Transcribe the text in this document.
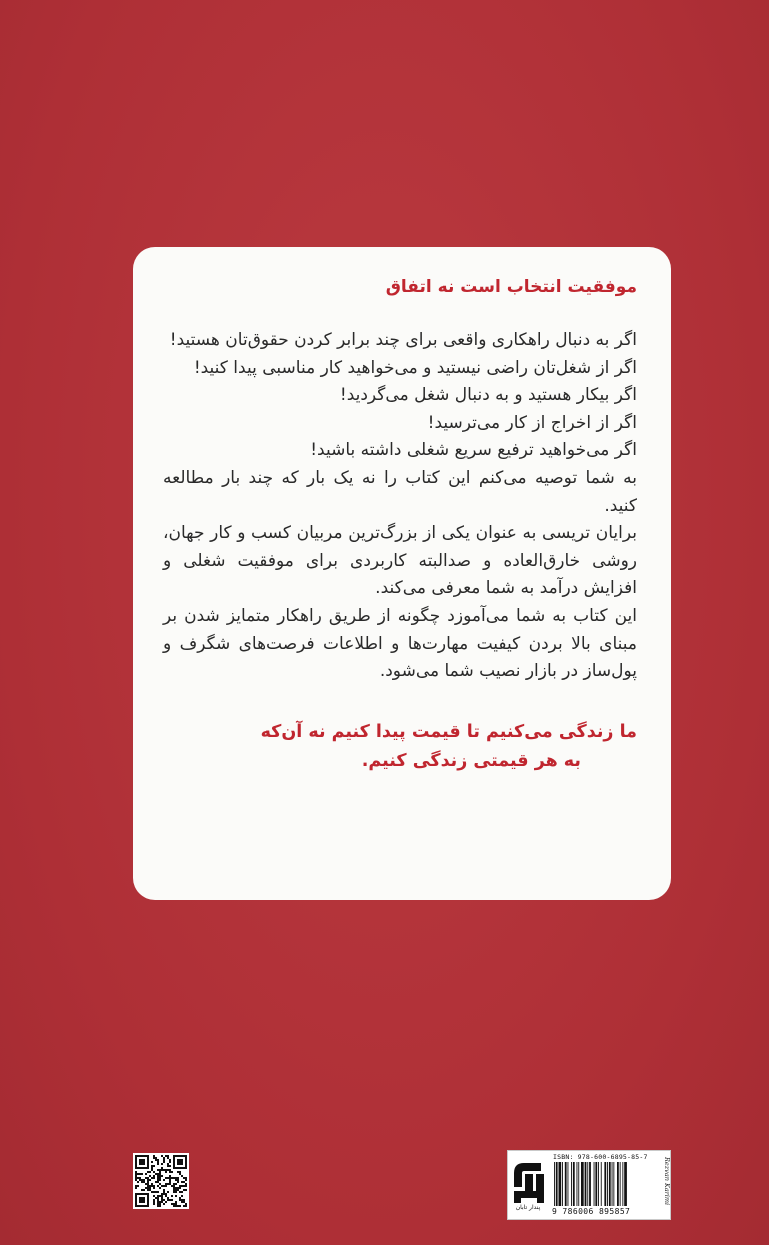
موفقیت انتخاب است نه اتفاق
اگر به دنبال راهکاری واقعی برای چند برابر کردن حقوق‌تان هستید!
اگر از شغل‌تان راضی نیستید و می‌خواهید کار مناسبی پیدا کنید!
اگر بیکار هستید و به دنبال شغل می‌گردید!
اگر از اخراج از کار می‌ترسید!
اگر می‌خواهید ترفیع سریع شغلی داشته باشید!
به شما توصیه می‌کنم این کتاب را نه یک بار که چند بار مطالعه
کنید.
برایان تریسی به عنوان یکی از بزرگ‌ترین مربیان کسب و کار جهان،
روشی خارق‌العاده و صدالبته کاربردی برای موفقیت شغلی و
افزایش درآمد به شما معرفی می‌کند.
این کتاب به شما می‌آموزد چگونه از طریق راهکار متمایز شدن بر
مبنای بالا بردن کیفیت مهارت‌ها و اطلاعات فرصت‌های شگرف و
پول‌ساز در بازار نصیب شما می‌شود.
ما زندگی می‌کنیم تا قیمت پیدا کنیم نه آن‌که
به هر قیمتی زندگی کنیم.
پندار تابان
ISBN: 978-600-6895-85-7
9 786006 895857
Rezvan Karimi
